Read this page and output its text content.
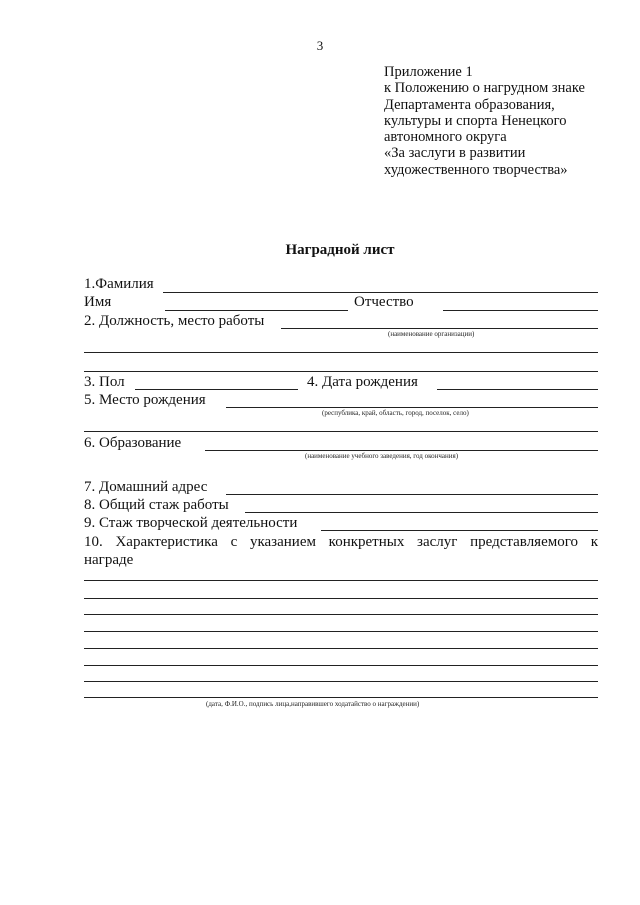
3
Приложение 1
к Положению о нагрудном знаке
Департамента образования,
культуры и спорта Ненецкого
автономного округа
«За заслуги в развитии
художественного творчества»
Наградной лист
1.Фамилия
Имя	Отчество
2. Должность, место работы
(наименование организации)
3. Пол	4. Дата рождения
5. Место рождения
(республика, край, область, город, поселок, село)
6. Образование
(наименование учебного заведения, год окончания)
7. Домашний адрес
8. Общий стаж работы
9. Стаж творческой деятельности
10. Характеристика с указанием конкретных заслуг представляемого к
награде
(дата, Ф.И.О., подпись лица,направившего ходатайство о награждении)
